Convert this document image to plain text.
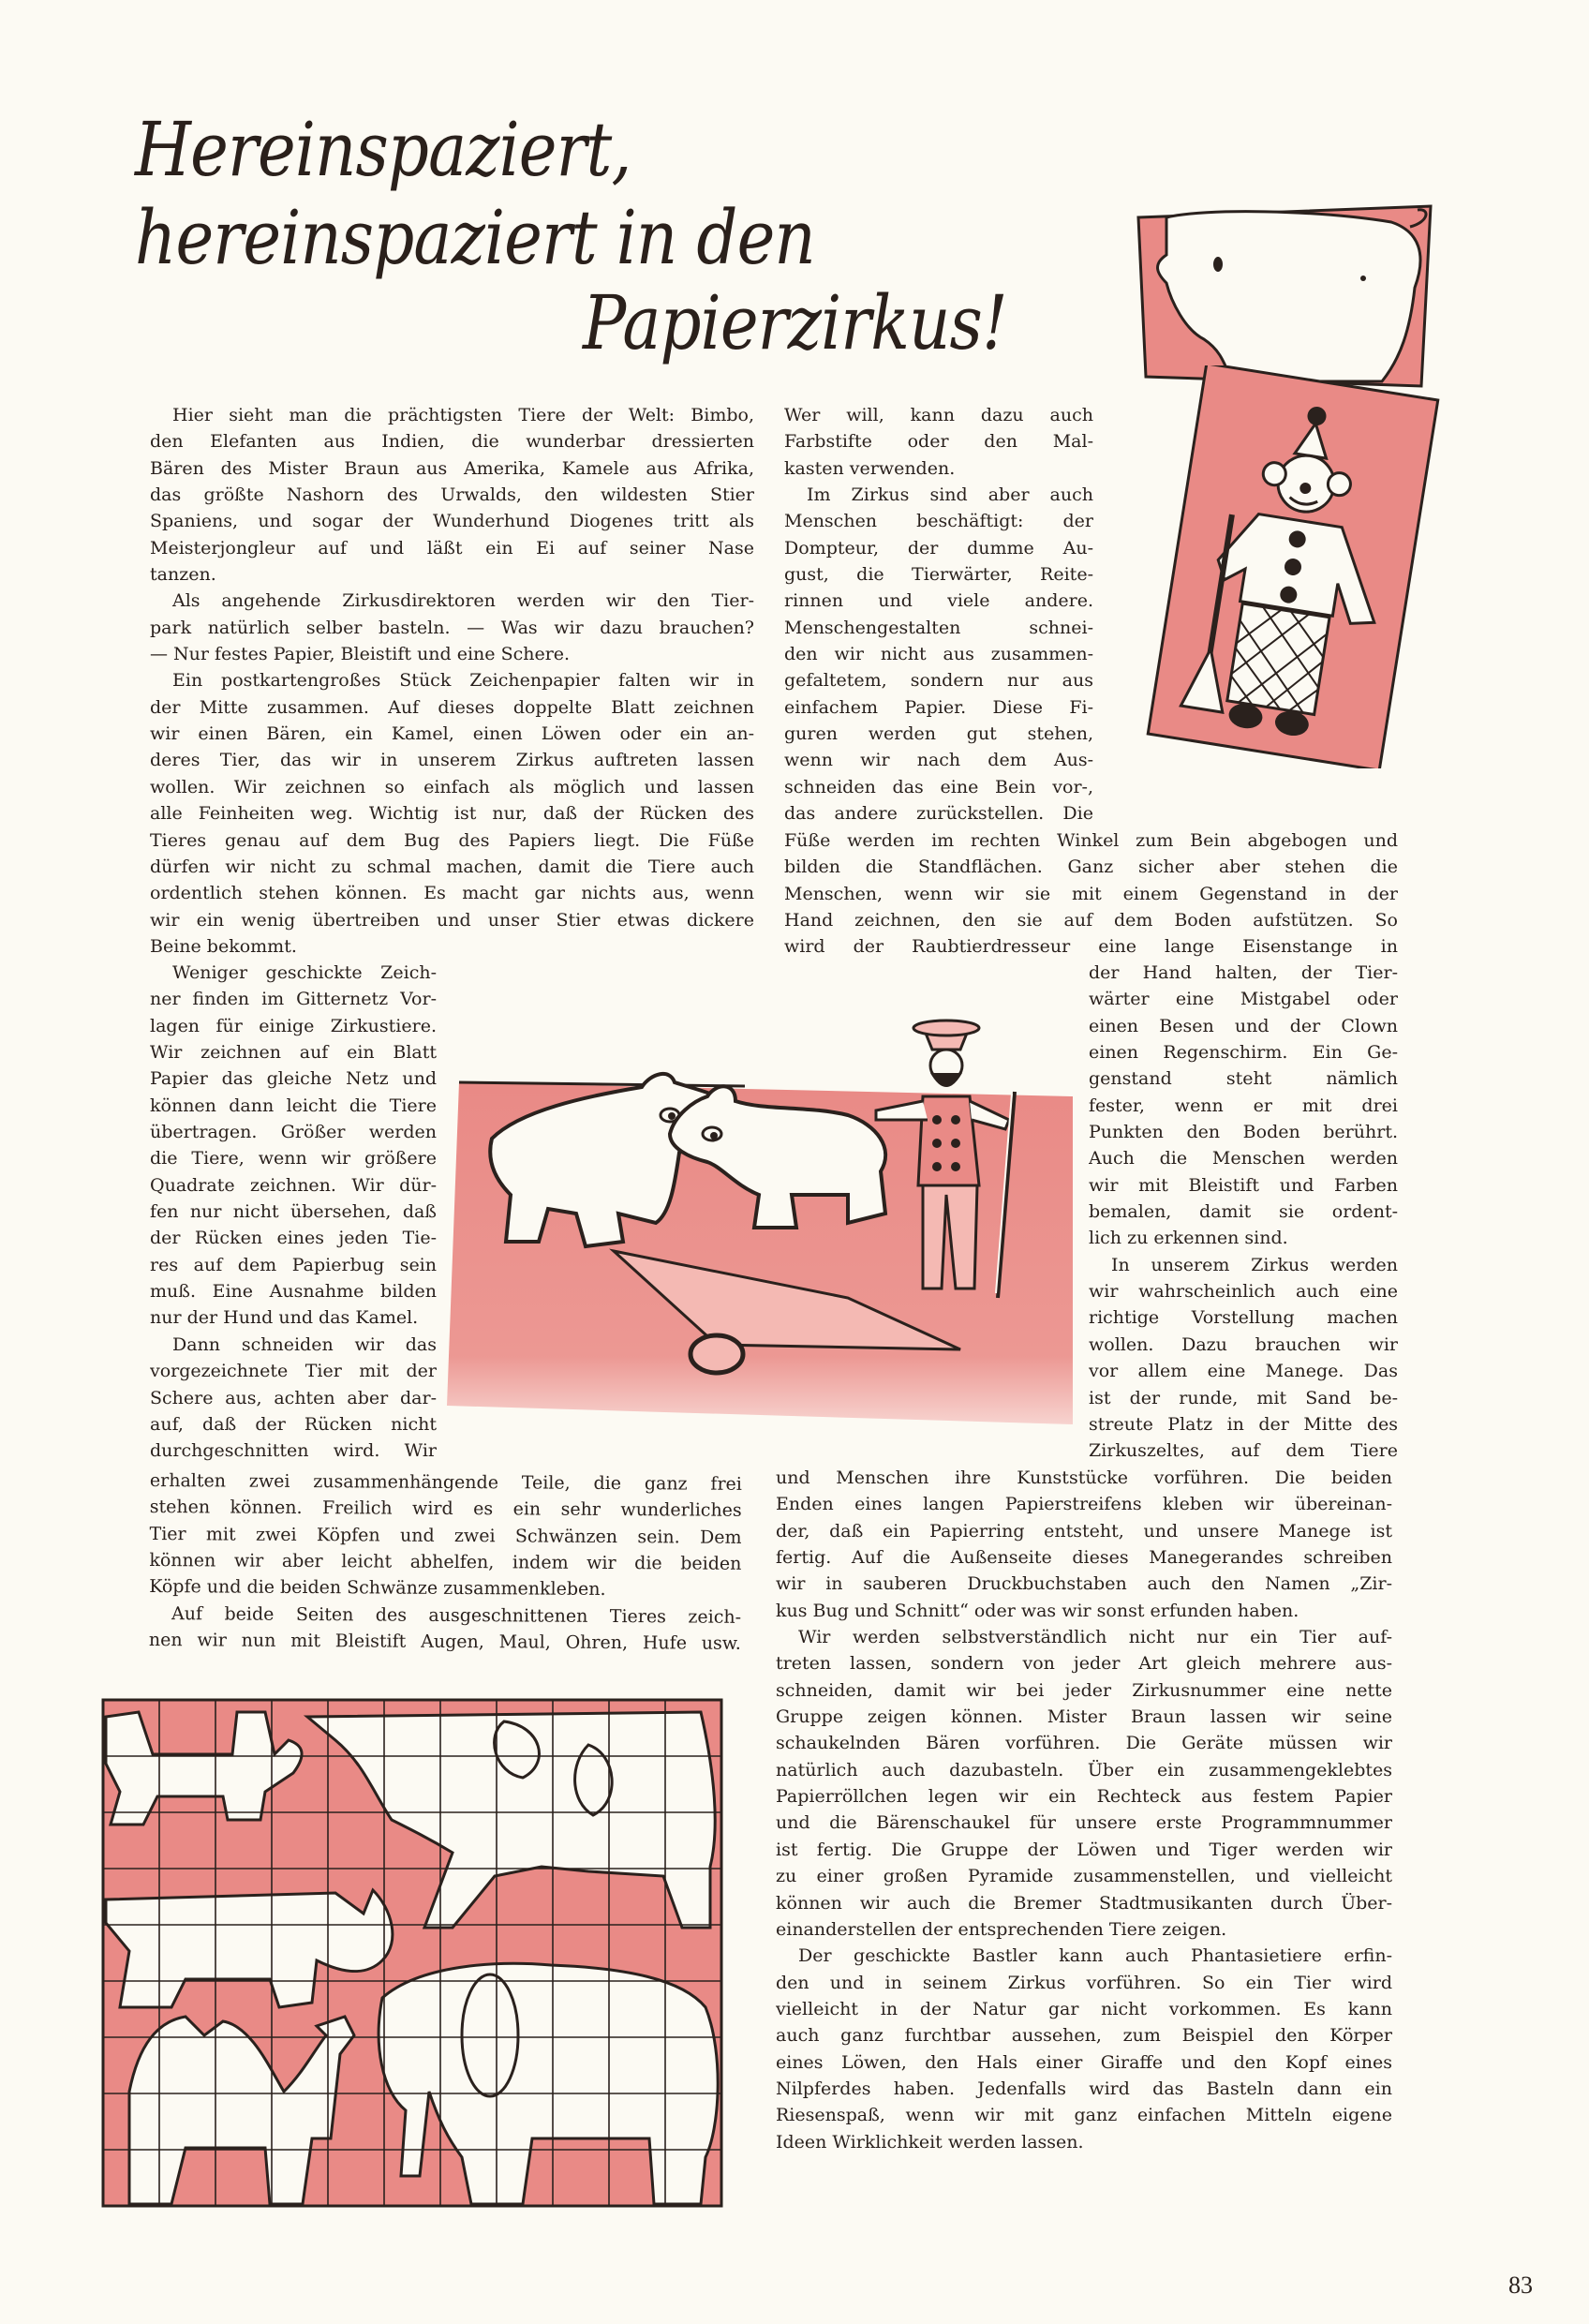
Hereinspaziert,
hereinspaziert in den
Papierzirkus!
Hier sieht man die prächtigsten Tiere der Welt: Bimbo,
den Elefanten aus Indien, die wunderbar dressierten
Bären des Mister Braun aus Amerika, Kamele aus Afrika,
das größte Nashorn des Urwalds, den wildesten Stier
Spaniens, und sogar der Wunderhund Diogenes tritt als
Meisterjongleur auf und läßt ein Ei auf seiner Nase
tanzen.
Als angehende Zirkusdirektoren werden wir den Tier-
park natürlich selber basteln. — Was wir dazu brauchen?
— Nur festes Papier, Bleistift und eine Schere.
Ein postkartengroßes Stück Zeichenpapier falten wir in
der Mitte zusammen. Auf dieses doppelte Blatt zeichnen
wir einen Bären, ein Kamel, einen Löwen oder ein an-
deres Tier, das wir in unserem Zirkus auftreten lassen
wollen. Wir zeichnen so einfach als möglich und lassen
alle Feinheiten weg. Wichtig ist nur, daß der Rücken des
Tieres genau auf dem Bug des Papiers liegt. Die Füße
dürfen wir nicht zu schmal machen, damit die Tiere auch
ordentlich stehen können. Es macht gar nichts aus, wenn
wir ein wenig übertreiben und unser Stier etwas dickere
Beine bekommt.
Weniger geschickte Zeich-
ner finden im Gitternetz Vor-
lagen für einige Zirkustiere.
Wir zeichnen auf ein Blatt
Papier das gleiche Netz und
können dann leicht die Tiere
übertragen. Größer werden
die Tiere, wenn wir größere
Quadrate zeichnen. Wir dür-
fen nur nicht übersehen, daß
der Rücken eines jeden Tie-
res auf dem Papierbug sein
muß. Eine Ausnahme bilden
nur der Hund und das Kamel.
Dann schneiden wir das
vorgezeichnete Tier mit der
Schere aus, achten aber dar-
auf, daß der Rücken nicht
durchgeschnitten wird. Wir
erhalten zwei zusammenhängende Teile, die ganz frei
stehen können. Freilich wird es ein sehr wunderliches
Tier mit zwei Köpfen und zwei Schwänzen sein. Dem
können wir aber leicht abhelfen, indem wir die beiden
Köpfe und die beiden Schwänze zusammenkleben.
Auf beide Seiten des ausgeschnittenen Tieres zeich-
nen wir nun mit Bleistift Augen, Maul, Ohren, Hufe usw.
Wer will, kann dazu auch
Farbstifte oder den Mal-
kasten verwenden.
Im Zirkus sind aber auch
Menschen beschäftigt: der
Dompteur, der dumme Au-
gust, die Tierwärter, Reite-
rinnen und viele andere.
Menschengestalten schnei-
den wir nicht aus zusammen-
gefaltetem, sondern nur aus
einfachem Papier. Diese Fi-
guren werden gut stehen,
wenn wir nach dem Aus-
schneiden das eine Bein vor-,
das andere zurückstellen. Die
Füße werden im rechten Winkel zum Bein abgebogen und
bilden die Standflächen. Ganz sicher aber stehen die
Menschen, wenn wir sie mit einem Gegenstand in der
Hand zeichnen, den sie auf dem Boden aufstützen. So
wird der Raubtierdresseur eine lange Eisenstange in
der Hand halten, der Tier-
wärter eine Mistgabel oder
einen Besen und der Clown
einen Regenschirm. Ein Ge-
genstand steht nämlich
fester, wenn er mit drei
Punkten den Boden berührt.
Auch die Menschen werden
wir mit Bleistift und Farben
bemalen, damit sie ordent-
lich zu erkennen sind.
In unserem Zirkus werden
wir wahrscheinlich auch eine
richtige Vorstellung machen
wollen. Dazu brauchen wir
vor allem eine Manege. Das
ist der runde, mit Sand be-
streute Platz in der Mitte des
Zirkuszeltes, auf dem Tiere
und Menschen ihre Kunststücke vorführen. Die beiden
Enden eines langen Papierstreifens kleben wir übereinan-
der, daß ein Papierring entsteht, und unsere Manege ist
fertig. Auf die Außenseite dieses Manegerandes schreiben
wir in sauberen Druckbuchstaben auch den Namen „Zir-
kus Bug und Schnitt“ oder was wir sonst erfunden haben.
Wir werden selbstverständlich nicht nur ein Tier auf-
treten lassen, sondern von jeder Art gleich mehrere aus-
schneiden, damit wir bei jeder Zirkusnummer eine nette
Gruppe zeigen können. Mister Braun lassen wir seine
schaukelnden Bären vorführen. Die Geräte müssen wir
natürlich auch dazubasteln. Über ein zusammengeklebtes
Papierröllchen legen wir ein Rechteck aus festem Papier
und die Bärenschaukel für unsere erste Programmnummer
ist fertig. Die Gruppe der Löwen und Tiger werden wir
zu einer großen Pyramide zusammenstellen, und vielleicht
können wir auch die Bremer Stadtmusikanten durch Über-
einanderstellen der entsprechenden Tiere zeigen.
Der geschickte Bastler kann auch Phantasietiere erfin-
den und in seinem Zirkus vorführen. So ein Tier wird
vielleicht in der Natur gar nicht vorkommen. Es kann
auch ganz furchtbar aussehen, zum Beispiel den Körper
eines Löwen, den Hals einer Giraffe und den Kopf eines
Nilpferdes haben. Jedenfalls wird das Basteln dann ein
Riesenspaß, wenn wir mit ganz einfachen Mitteln eigene
Ideen Wirklichkeit werden lassen.
83
